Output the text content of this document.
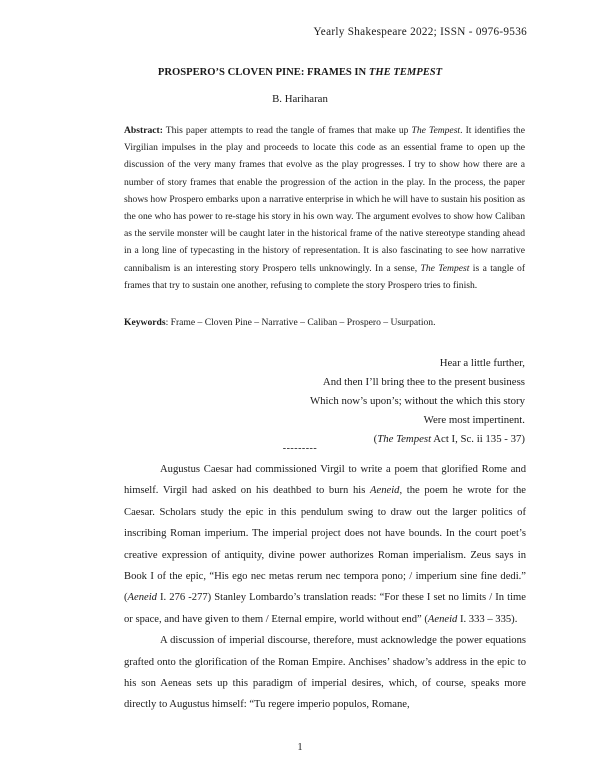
Yearly Shakespeare 2022; ISSN - 0976-9536
PROSPERO’S CLOVEN PINE: FRAMES IN THE TEMPEST
B. Hariharan

Abstract: This paper attempts to read the tangle of frames that make up The Tempest. It identifies the Virgilian impulses in the play and proceeds to locate this code as an essential frame to open up the discussion of the very many frames that evolve as the play progresses. I try to show how there are a number of story frames that enable the progression of the action in the play. In the process, the paper shows how Prospero embarks upon a narrative enterprise in which he will have to sustain his position as the one who has power to re-stage his story in his own way. The argument evolves to show how Caliban as the servile monster will be caught later in the historical frame of the native stereotype standing ahead in a long line of typecasting in the history of representation. It is also fascinating to see how narrative cannibalism is an interesting story Prospero tells unknowingly. In a sense, The Tempest is a tangle of frames that try to sustain one another, refusing to complete the story Prospero tries to finish.

Keywords: Frame – Cloven Pine – Narrative – Caliban – Prospero – Usurpation.

Hear a little further,
And then I’ll bring thee to the present business
Which now’s upon’s; without the which this story
Were most impertinent.
(The Tempest Act I, Sc. ii 135 - 37)
---------

Augustus Caesar had commissioned Virgil to write a poem that glorified Rome and himself. Virgil had asked on his deathbed to burn his Aeneid, the poem he wrote for the Caesar. Scholars study the epic in this pendulum swing to draw out the larger politics of inscribing Roman imperium. The imperial project does not have bounds. In the court poet’s creative expression of antiquity, divine power authorizes Roman imperialism. Zeus says in Book I of the epic, “His ego nec metas rerum nec tempora pono; / imperium sine fine dedi.” (Aeneid I. 276 -277) Stanley Lombardo’s translation reads: “For these I set no limits / In time or space, and have given to them / Eternal empire, world without end” (Aeneid I. 333 – 335).

A discussion of imperial discourse, therefore, must acknowledge the power equations grafted onto the glorification of the Roman Empire. Anchises’ shadow’s address in the epic to his son Aeneas sets up this paradigm of imperial desires, which, of course, speaks more directly to Augustus himself: “Tu regere imperio populos, Romane,

1
